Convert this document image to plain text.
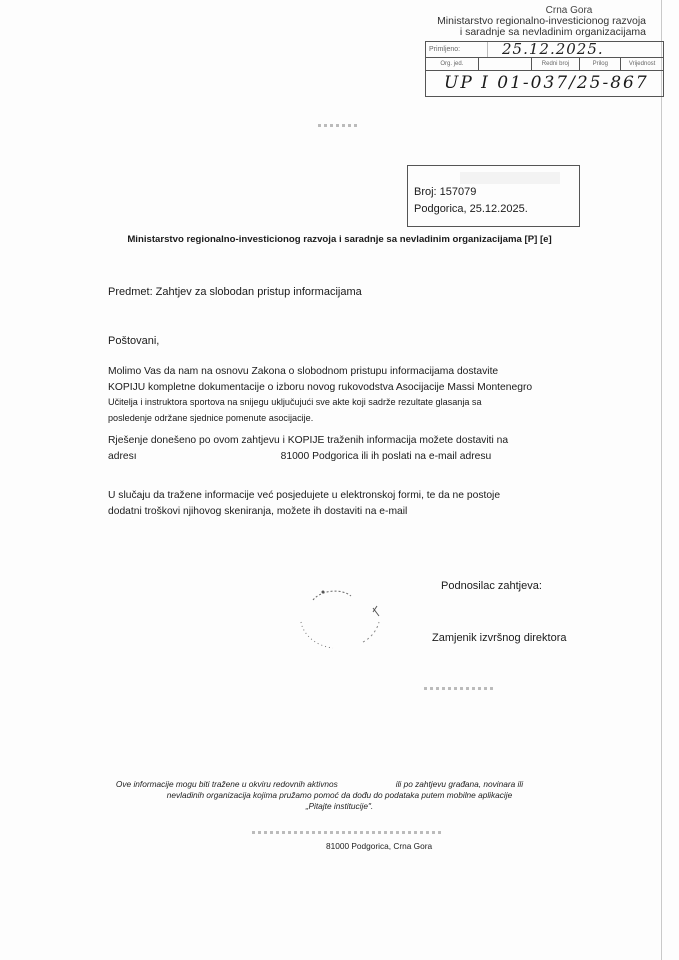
Crna Gora
Ministarstvo regionalno-investicionog razvoja
i saradnje sa nevladinim organizacijama
Primljeno:	25.12.2025.
Org. jed.	Redni broj	Prilog	Vrijednost
UP I 01-037/25-867
Broj: 157079
Podgorica, 25.12.2025.
Ministarstvo regionalno-investicionog razvoja i saradnje sa nevladinim organizacijama [P] [e]
Predmet: Zahtjev za slobodan pristup informacijama
Poštovani,
Molimo Vas da nam na osnovu Zakona o slobodnom pristupu informacijama dostavite
KOPIJU kompletne dokumentacije o izboru novog rukovodstva Asocijacije Massi Montenegro
Učitelja i instruktora sportova na snijegu uključujući sve akte koji sadrže rezultate glasanja sa
posledenje održane sjednice pomenute asocijacije.
Rješenje donešeno po ovom zahtjevu i KOPIJE traženih informacija možete dostaviti na
adresı	81000 Podgorica ili ih poslati na e-mail adresu
U slučaju da tražene informacije već posjedujete u elektronskoj formi, te da ne postoje
dodatni troškovi njihovog skeniranja, možete ih dostaviti na e-mail
Podnosilac zahtjeva:
Zamjenik izvršnog direktora
Ove informacije mogu biti tražene u okviru redovnih aktivnos	ili po zahtjevu građana, novinara ili
nevladinih organizacija kojima pružamo pomoć da dođu do podataka putem mobilne aplikacije
„Pitajte institucije".
81000 Podgorica, Crna Gora
